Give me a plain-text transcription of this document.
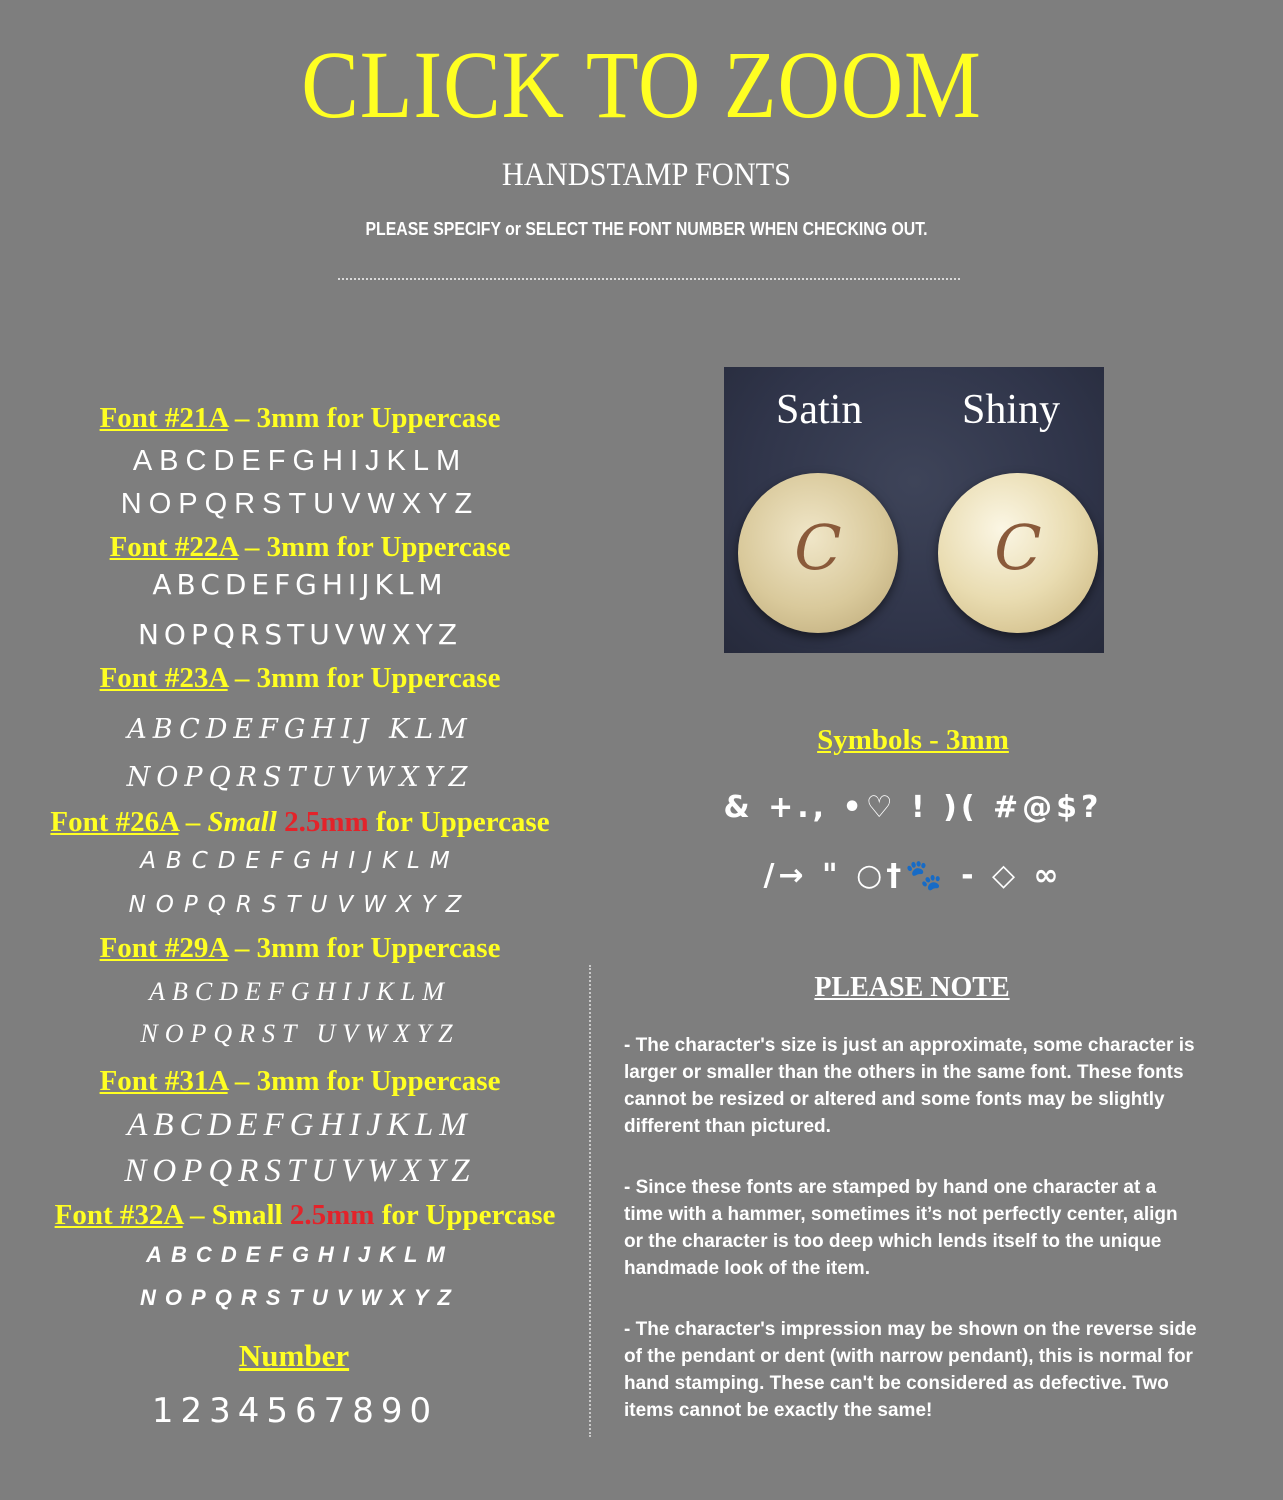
CLICK TO ZOOM
HANDSTAMP FONTS
PLEASE SPECIFY or SELECT THE FONT NUMBER WHEN CHECKING OUT.
Font #21A – 3mm for Uppercase
ABCDEFGHIJKLM
NOPQRSTUVWXYZ
Font #22A – 3mm for Uppercase
ABCDEFGHIJKLM
NOPQRSTUVWXYZ
Font #23A – 3mm for Uppercase
ABCDEFGHIJ KLM
NOPQRSTUVWXYZ
Font #26A – Small 2.5mm for Uppercase
ABCDEFGHIJKLM
NOPQRSTUVWXYZ
Font #29A – 3mm for Uppercase
ABCDEFGHIJKLM
NOPQRST UVWXYZ
Font #31A – 3mm for Uppercase
ABCDEFGHIJKLM
NOPQRSTUVWXYZ
Font #32A – Small 2.5mm for Uppercase
ABCDEFGHIJKLM
NOPQRSTUVWXYZ
Number
1234567890
Satin Shiny
C	C
Symbols - 3mm
& +., •♡ ! )( #@$?
/→ " ○†🐾 - ◇ ∞
PLEASE NOTE
- The character's size is just an approximate, some character is larger or smaller than the others in the same font. These fonts cannot be resized or altered and some fonts may be slightly different than pictured.
- Since these fonts are stamped by hand one character at a time with a hammer, sometimes it’s not perfectly center, align or the character is too deep which lends itself to the unique handmade look of the item.
- The character's impression may be shown on the reverse side of the pendant or dent (with narrow pendant), this is normal for hand stamping. These can't be considered as defective. Two items cannot be exactly the same!
